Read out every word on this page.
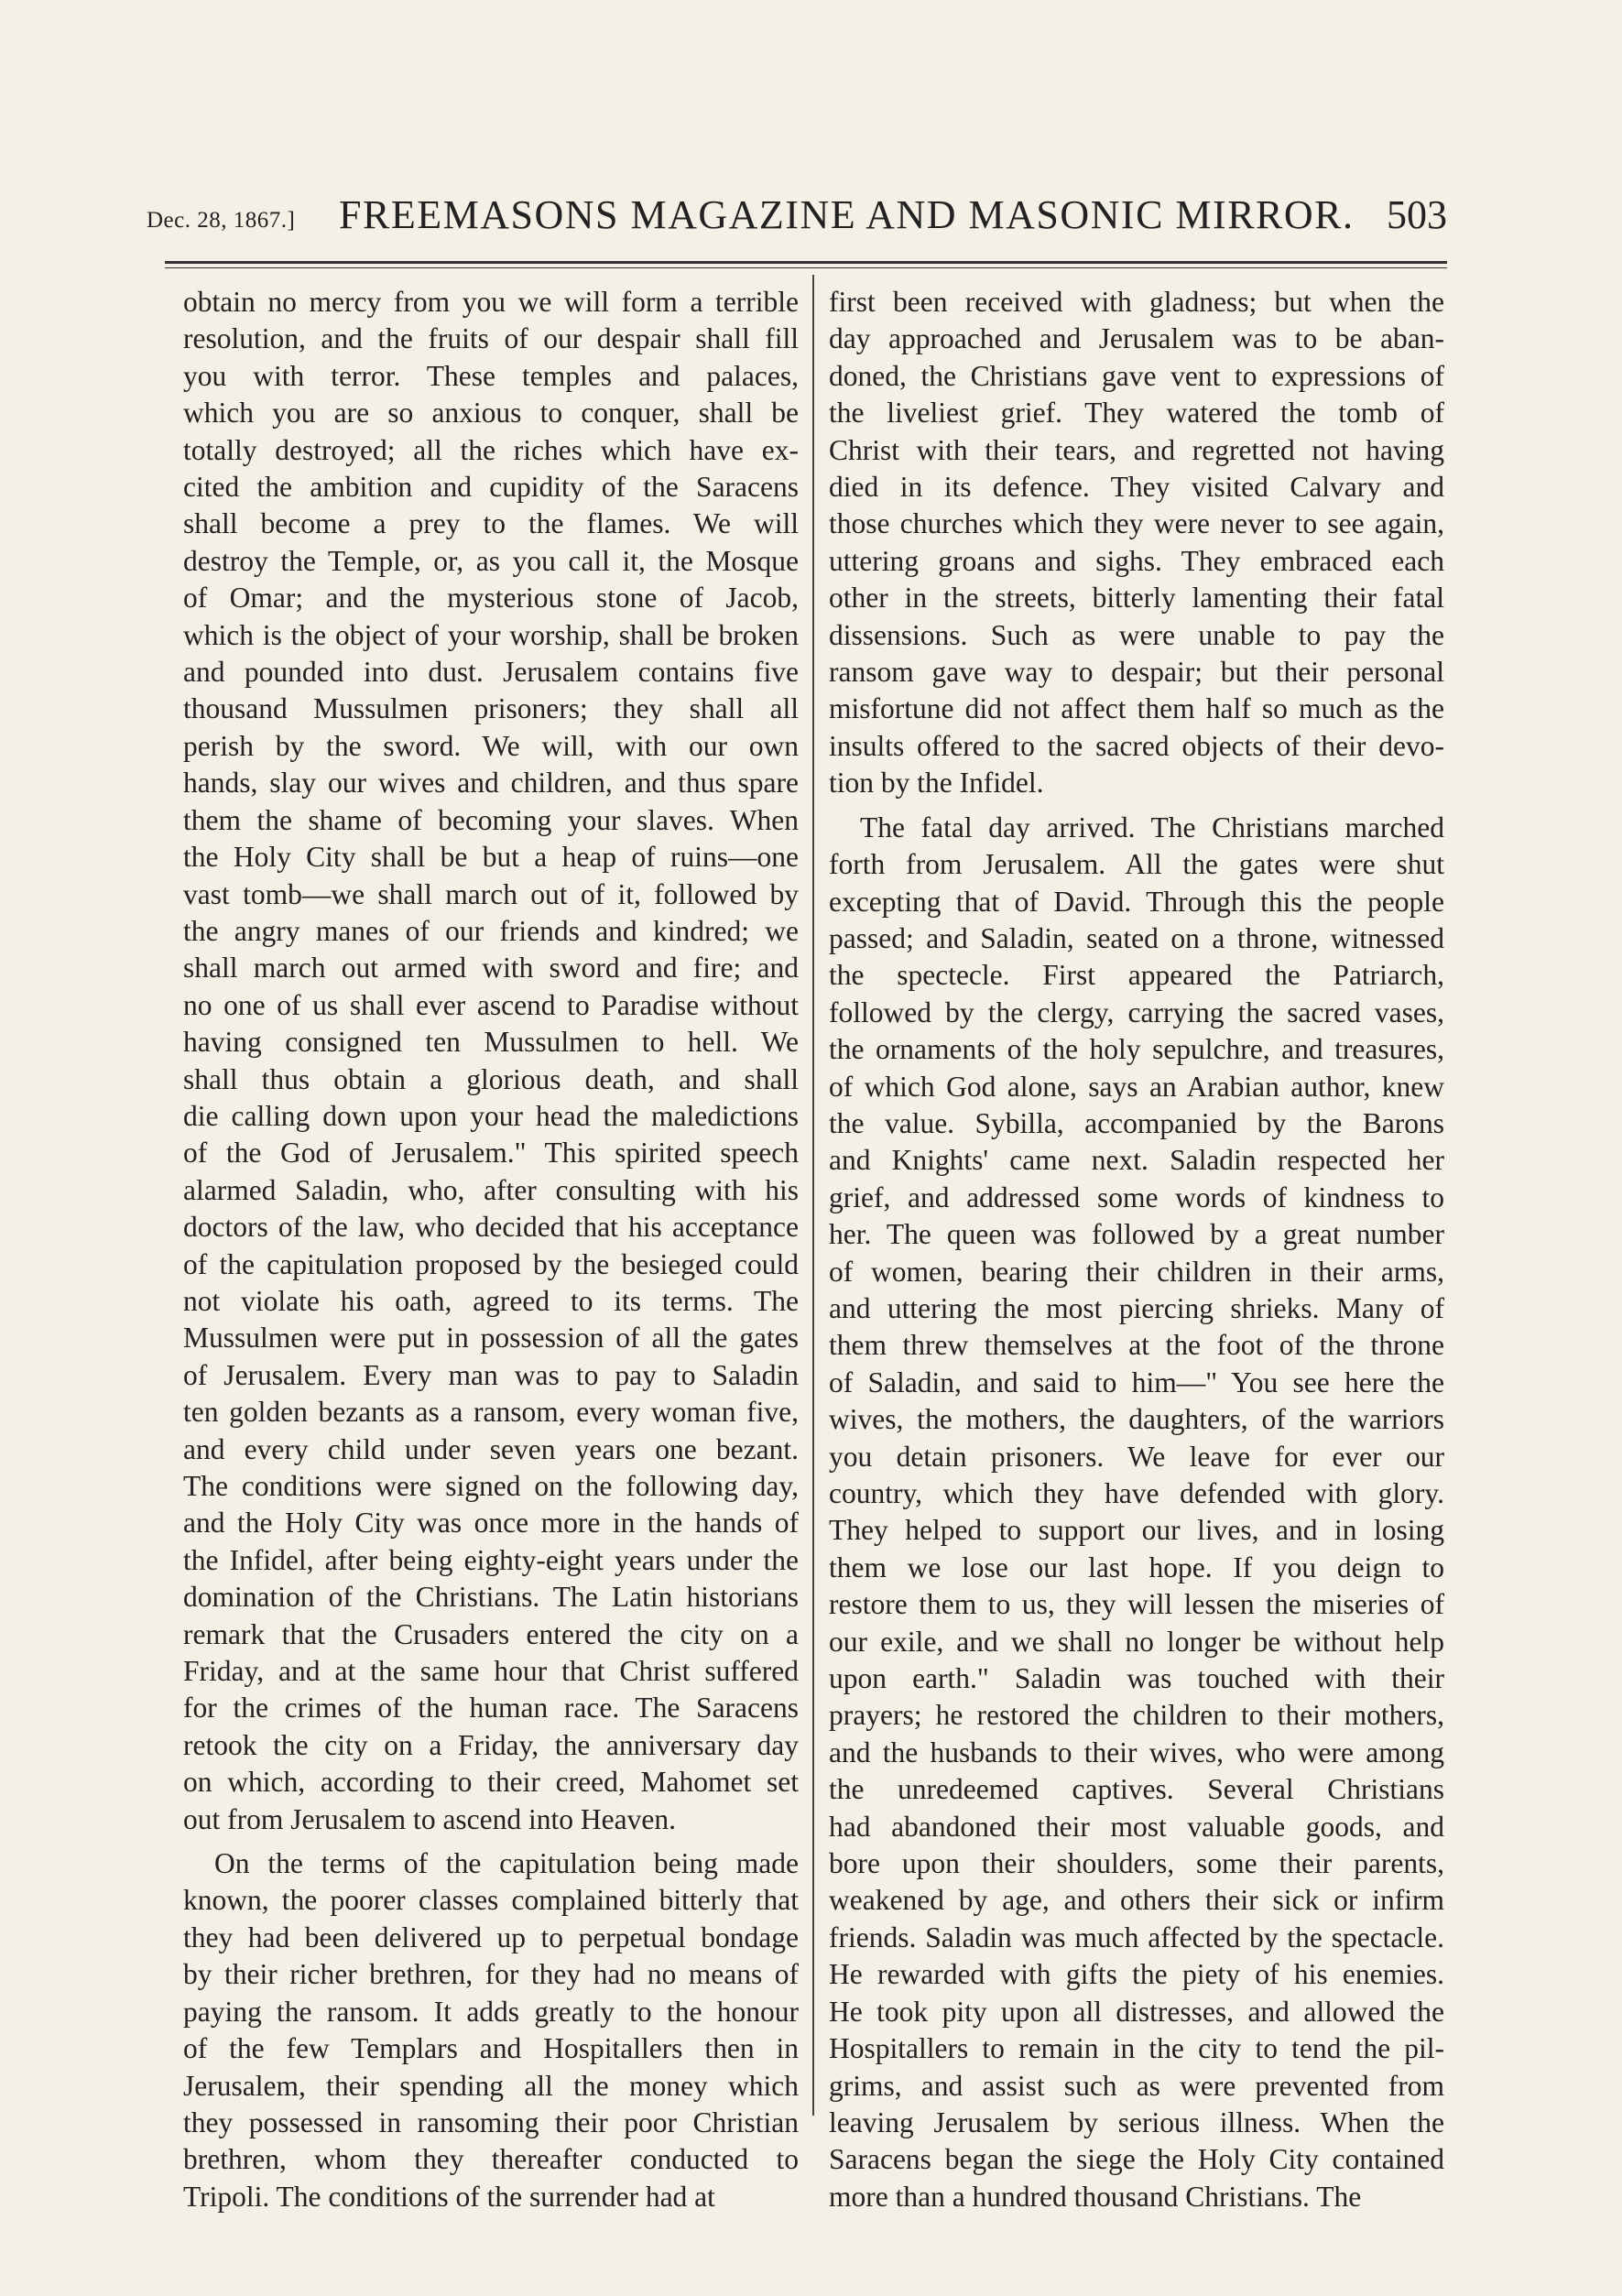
Dec. 28, 1867.] FREEMASONS MAGAZINE AND MASONIC MIRROR. 503

obtain no mercy from you we will form a terrible
resolution, and the fruits of our despair shall fill
you with terror. These temples and palaces,
which you are so anxious to conquer, shall be
totally destroyed; all the riches which have ex-
cited the ambition and cupidity of the Saracens
shall become a prey to the flames. We will
destroy the Temple, or, as you call it, the Mosque
of Omar; and the mysterious stone of Jacob,
which is the object of your worship, shall be broken
and pounded into dust. Jerusalem contains five
thousand Mussulmen prisoners; they shall all
perish by the sword. We will, with our own
hands, slay our wives and children, and thus spare
them the shame of becoming your slaves. When
the Holy City shall be but a heap of ruins—one
vast tomb—we shall march out of it, followed by
the angry manes of our friends and kindred; we
shall march out armed with sword and fire; and
no one of us shall ever ascend to Paradise without
having consigned ten Mussulmen to hell. We
shall thus obtain a glorious death, and shall
die calling down upon your head the maledictions
of the God of Jerusalem." This spirited speech
alarmed Saladin, who, after consulting with his
doctors of the law, who decided that his acceptance
of the capitulation proposed by the besieged could
not violate his oath, agreed to its terms. The
Mussulmen were put in possession of all the gates
of Jerusalem. Every man was to pay to Saladin
ten golden bezants as a ransom, every woman five,
and every child under seven years one bezant.
The conditions were signed on the following day,
and the Holy City was once more in the hands of
the Infidel, after being eighty-eight years under the
domination of the Christians. The Latin historians
remark that the Crusaders entered the city on a
Friday, and at the same hour that Christ suffered
for the crimes of the human race. The Saracens
retook the city on a Friday, the anniversary day
on which, according to their creed, Mahomet set
out from Jerusalem to ascend into Heaven.

On the terms of the capitulation being made
known, the poorer classes complained bitterly that
they had been delivered up to perpetual bondage
by their richer brethren, for they had no means of
paying the ransom. It adds greatly to the honour
of the few Templars and Hospitallers then in
Jerusalem, their spending all the money which
they possessed in ransoming their poor Christian
brethren, whom they thereafter conducted to
Tripoli. The conditions of the surrender had at

first been received with gladness; but when the
day approached and Jerusalem was to be aban-
doned, the Christians gave vent to expressions of
the liveliest grief. They watered the tomb of
Christ with their tears, and regretted not having
died in its defence. They visited Calvary and
those churches which they were never to see again,
uttering groans and sighs. They embraced each
other in the streets, bitterly lamenting their fatal
dissensions. Such as were unable to pay the
ransom gave way to despair; but their personal
misfortune did not affect them half so much as the
insults offered to the sacred objects of their devo-
tion by the Infidel.

The fatal day arrived. The Christians marched
forth from Jerusalem. All the gates were shut
excepting that of David. Through this the people
passed; and Saladin, seated on a throne, witnessed
the spectecle. First appeared the Patriarch,
followed by the clergy, carrying the sacred vases,
the ornaments of the holy sepulchre, and treasures,
of which God alone, says an Arabian author, knew
the value. Sybilla, accompanied by the Barons
and Knights' came next. Saladin respected her
grief, and addressed some words of kindness to
her. The queen was followed by a great number
of women, bearing their children in their arms,
and uttering the most piercing shrieks. Many of
them threw themselves at the foot of the throne
of Saladin, and said to him—" You see here the
wives, the mothers, the daughters, of the warriors
you detain prisoners. We leave for ever our
country, which they have defended with glory.
They helped to support our lives, and in losing
them we lose our last hope. If you deign to
restore them to us, they will lessen the miseries of
our exile, and we shall no longer be without help
upon earth." Saladin was touched with their
prayers; he restored the children to their mothers,
and the husbands to their wives, who were among
the unredeemed captives. Several Christians
had abandoned their most valuable goods, and
bore upon their shoulders, some their parents,
weakened by age, and others their sick or infirm
friends. Saladin was much affected by the spectacle.
He rewarded with gifts the piety of his enemies.
He took pity upon all distresses, and allowed the
Hospitallers to remain in the city to tend the pil-
grims, and assist such as were prevented from
leaving Jerusalem by serious illness. When the
Saracens began the siege the Holy City contained
more than a hundred thousand Christians. The
